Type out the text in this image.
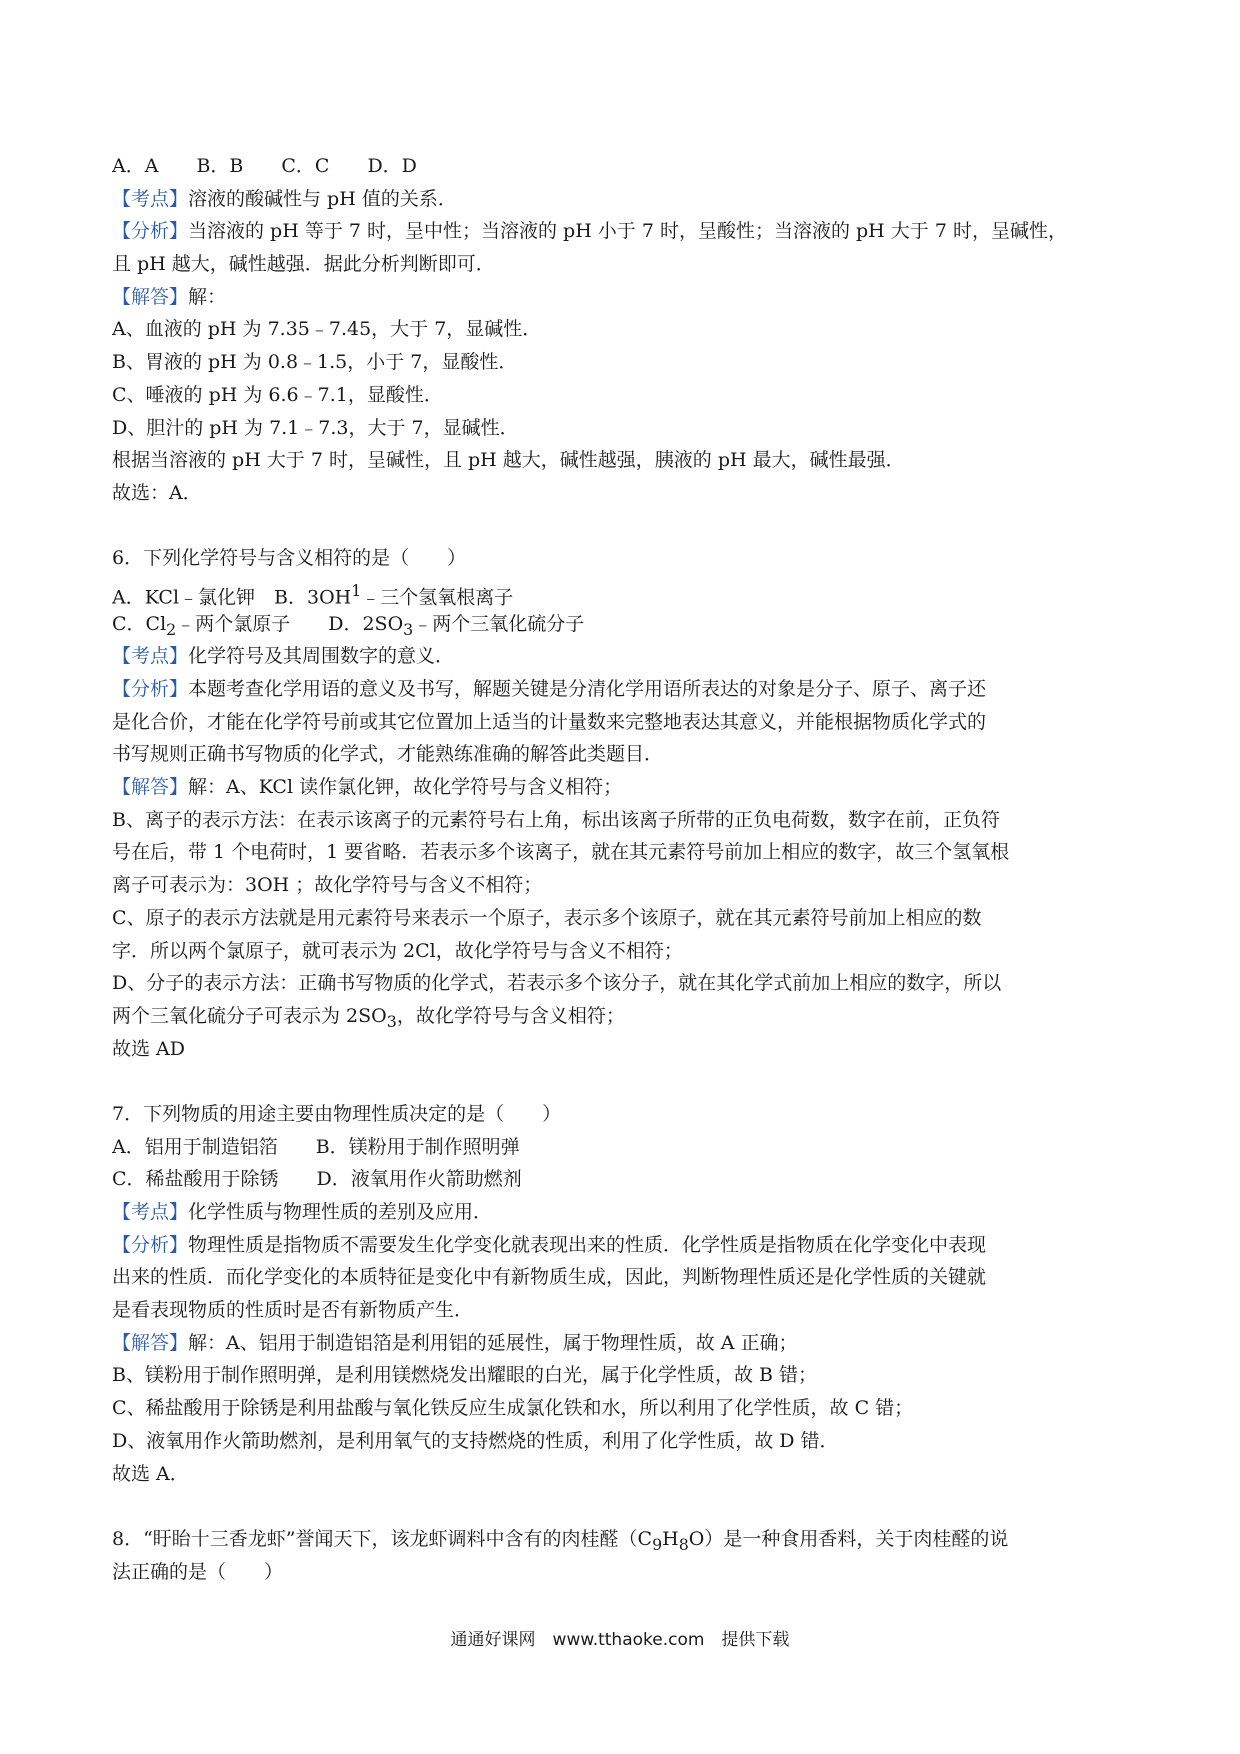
A．A　　B．B　　C．C　　D．D
【考点】溶液的酸碱性与 pH 值的关系．
【分析】当溶液的 pH 等于 7 时，呈中性；当溶液的 pH 小于 7 时，呈酸性；当溶液的 pH 大于 7 时，呈碱性，
且 pH 越大，碱性越强．据此分析判断即可．
【解答】解：
A、血液的 pH 为 7.35﹣7.45，大于 7，显碱性．
B、胃液的 pH 为 0.8﹣1.5，小于 7，显酸性．
C、唾液的 pH 为 6.6﹣7.1，显酸性．
D、胆汁的 pH 为 7.1﹣7.3，大于 7，显碱性．
根据当溶液的 pH 大于 7 时，呈碱性，且 pH 越大，碱性越强，胰液的 pH 最大，碱性最强．
故选：A．
6．下列化学符号与含义相符的是（　　）
A．KCl﹣氯化钾　B．$3OH^1﹣$三个氢氧根离子
C．$Cl_2﹣$两个氯原子　　D．$2SO_3﹣$两个三氧化硫分子
【考点】化学符号及其周围数字的意义．
【分析】本题考查化学用语的意义及书写，解题关键是分清化学用语所表达的对象是分子、原子、离子还
是化合价，才能在化学符号前或其它位置加上适当的计量数来完整地表达其意义，并能根据物质化学式的
书写规则正确书写物质的化学式，才能熟练准确的解答此类题目．
【解答】解：A、KCl 读作氯化钾，故化学符号与含义相符；
B、离子的表示方法：在表示该离子的元素符号右上角，标出该离子所带的正负电荷数，数字在前，正负符
号在后，带 1 个电荷时，1 要省略．若表示多个该离子，就在其元素符号前加上相应的数字，故三个氢氧根
离子可表示为：3OH ；故化学符号与含义不相符；
C、原子的表示方法就是用元素符号来表示一个原子，表示多个该原子，就在其元素符号前加上相应的数
字．所以两个氯原子，就可表示为 2Cl，故化学符号与含义不相符；
D、分子的表示方法：正确书写物质的化学式，若表示多个该分子，就在其化学式前加上相应的数字，所以
两个三氧化硫分子可表示为 $2SO_3$，故化学符号与含义相符；
故选 AD
7．下列物质的用途主要由物理性质决定的是（　　）
A．铝用于制造铝箔　　B．镁粉用于制作照明弹
C．稀盐酸用于除锈　　D．液氧用作火箭助燃剂
【考点】化学性质与物理性质的差别及应用．
【分析】物理性质是指物质不需要发生化学变化就表现出来的性质．化学性质是指物质在化学变化中表现
出来的性质．而化学变化的本质特征是变化中有新物质生成，因此，判断物理性质还是化学性质的关键就
是看表现物质的性质时是否有新物质产生．
【解答】解：A、铝用于制造铝箔是利用铝的延展性，属于物理性质，故 A 正确；
B、镁粉用于制作照明弹，是利用镁燃烧发出耀眼的白光，属于化学性质，故 B 错；
C、稀盐酸用于除锈是利用盐酸与氧化铁反应生成氯化铁和水，所以利用了化学性质，故 C 错；
D、液氧用作火箭助燃剂，是利用氧气的支持燃烧的性质，利用了化学性质，故 D 错．
故选 A．
8．“盱眙十三香龙虾”誉闻天下，该龙虾调料中含有的肉桂醛$(C_9H_8O)$是一种食用香料，关于肉桂醛的说
法正确的是（　　）
通通好课网　www.tthaoke.com　提供下载
